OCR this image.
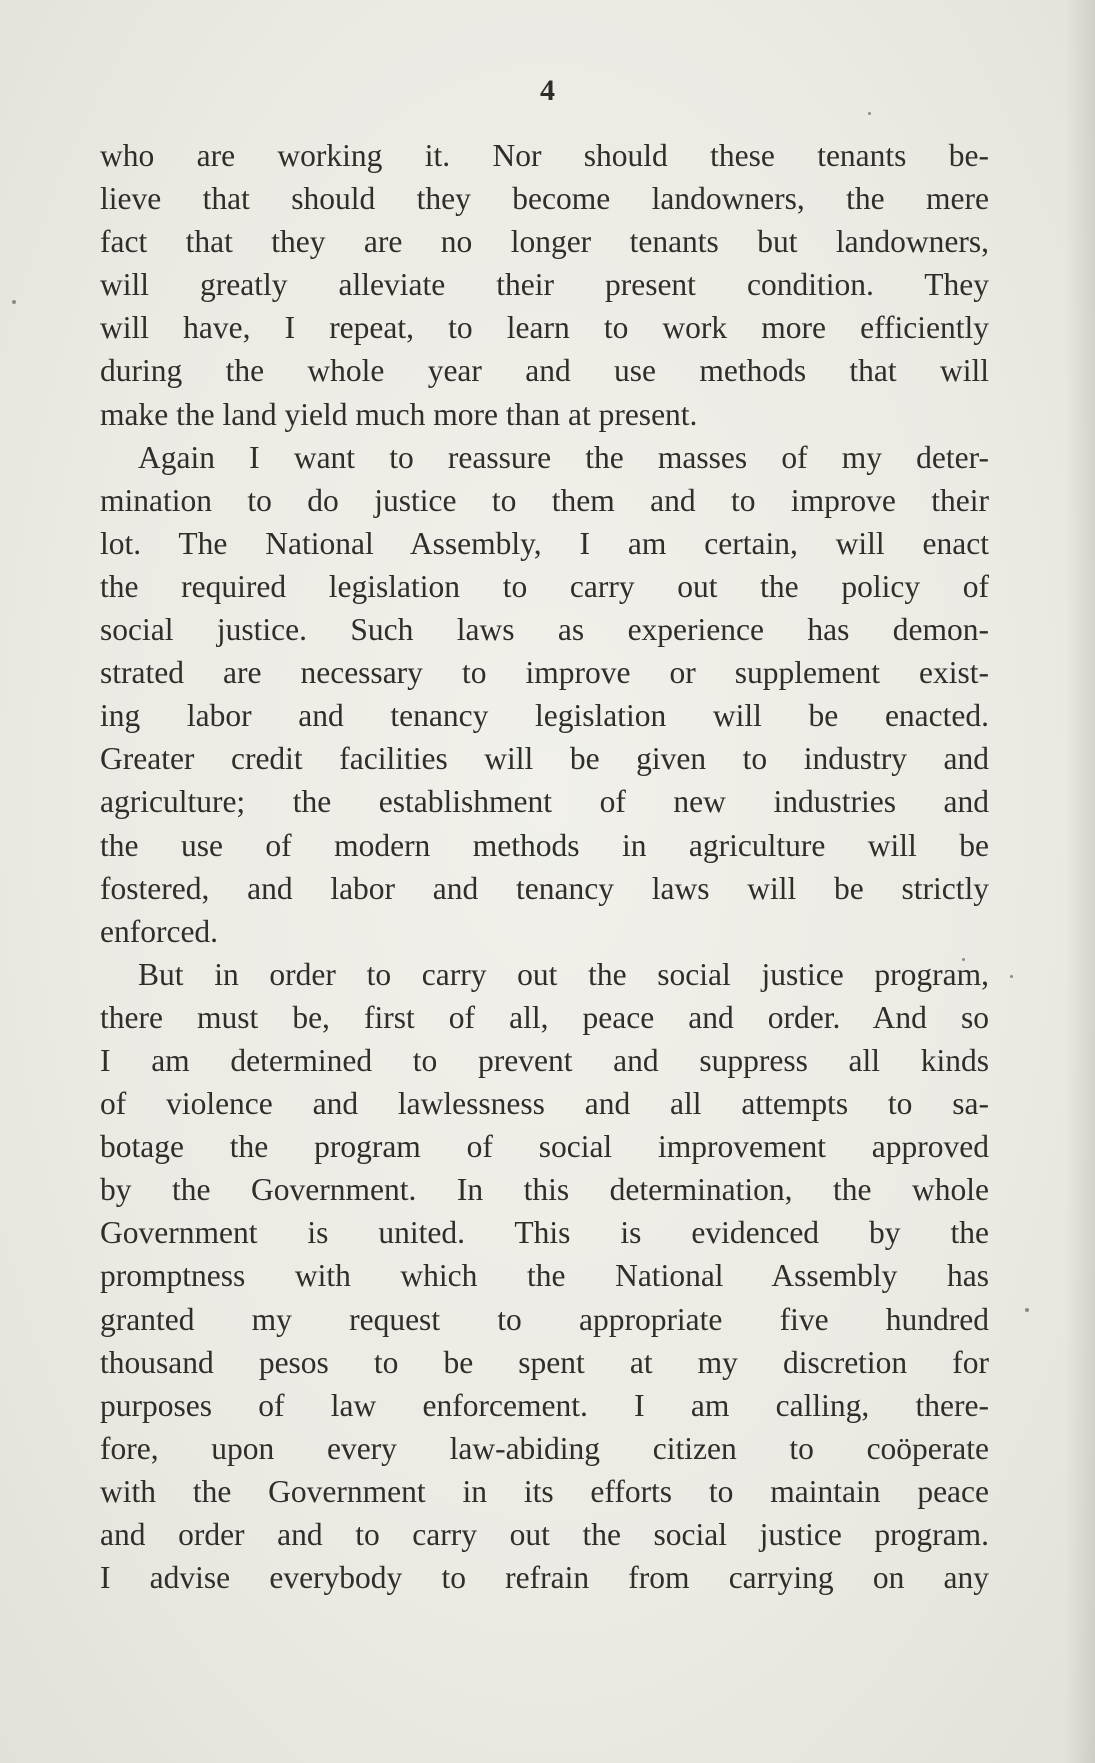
4
who are working it. Nor should these tenants be-
lieve that should they become landowners, the mere
fact that they are no longer tenants but landowners,
will greatly alleviate their present condition. They
will have, I repeat, to learn to work more efficiently
during the whole year and use methods that will
make the land yield much more than at present.
Again I want to reassure the masses of my deter-
mination to do justice to them and to improve their
lot. The National Assembly, I am certain, will enact
the required legislation to carry out the policy of
social justice. Such laws as experience has demon-
strated are necessary to improve or supplement exist-
ing labor and tenancy legislation will be enacted.
Greater credit facilities will be given to industry and
agriculture; the establishment of new industries and
the use of modern methods in agriculture will be
fostered, and labor and tenancy laws will be strictly
enforced.
But in order to carry out the social justice program,
there must be, first of all, peace and order. And so
I am determined to prevent and suppress all kinds
of violence and lawlessness and all attempts to sa-
botage the program of social improvement approved
by the Government. In this determination, the whole
Government is united. This is evidenced by the
promptness with which the National Assembly has
granted my request to appropriate five hundred
thousand pesos to be spent at my discretion for
purposes of law enforcement. I am calling, there-
fore, upon every law-abiding citizen to coöperate
with the Government in its efforts to maintain peace
and order and to carry out the social justice program.
I advise everybody to refrain from carrying on any
